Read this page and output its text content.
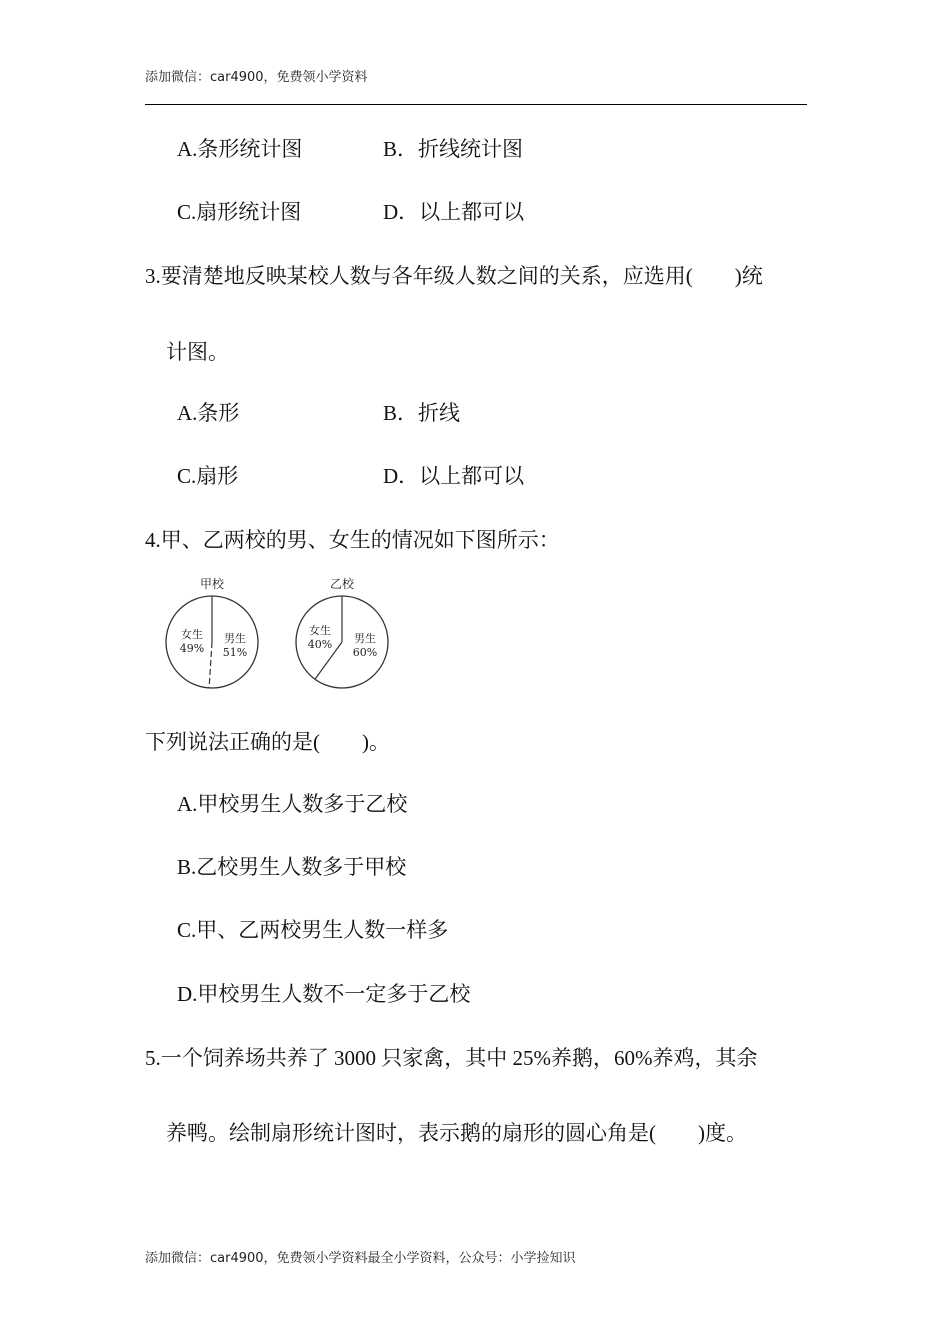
添加微信：car4900，免费领小学资料
A.条形统计图	B．折线统计图
C.扇形统计图	D．以上都可以
3.要清楚地反映某校人数与各年级人数之间的关系，应选用(　　)统
计图。
A.条形	B．折线
C.扇形	D．以上都可以
4.甲、乙两校的男、女生的情况如下图所示：
甲校
女生
49%
男生
51%
乙校
女生
40% 男生
60%
下列说法正确的是(　　)。
A.甲校男生人数多于乙校
B.乙校男生人数多于甲校
C.甲、乙两校男生人数一样多
D.甲校男生人数不一定多于乙校
5.一个饲养场共养了 3000 只家禽，其中 25%养鹅，60%养鸡，其余
养鸭。绘制扇形统计图时，表示鹅的扇形的圆心角是(　　)度。
添加微信：car4900，免费领小学资料最全小学资料，公众号：小学捡知识
